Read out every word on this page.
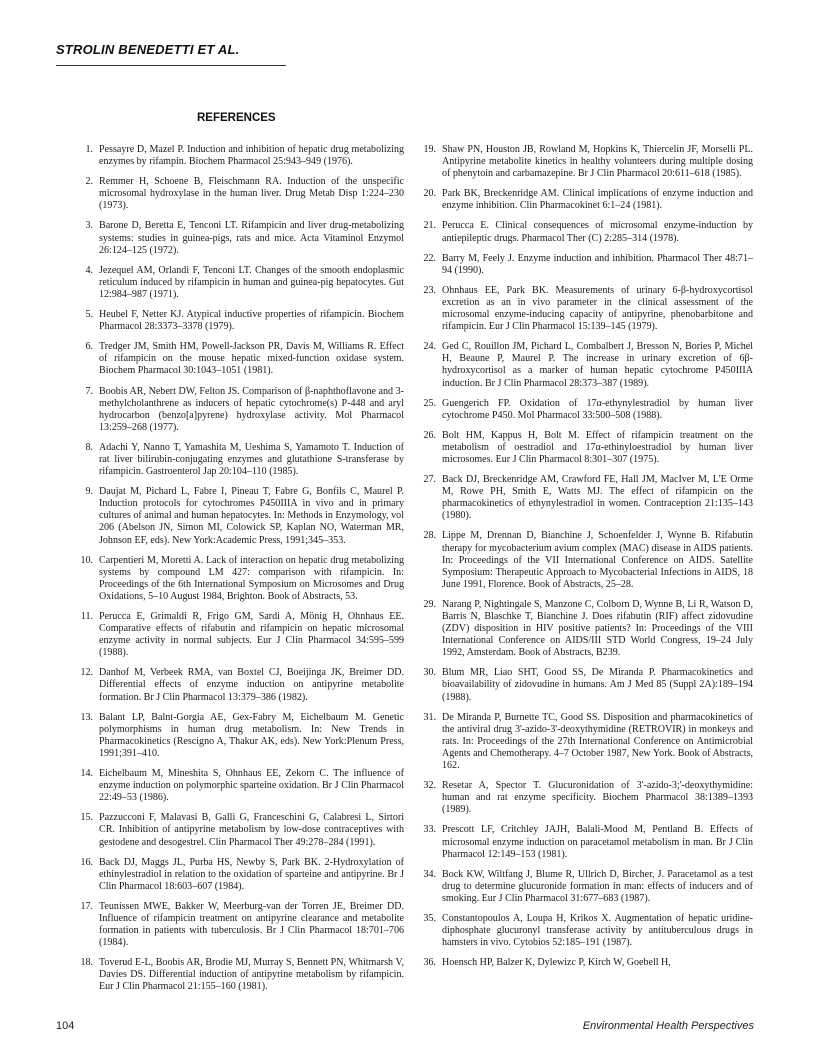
STROLIN BENEDETTI ET AL.
REFERENCES
1. Pessayre D, Mazel P. Induction and inhibition of hepatic drug metabolizing enzymes by rifampin. Biochem Pharmacol 25:943–949 (1976).
2. Remmer H, Schoene B, Fleischmann RA. Induction of the unspecific microsomal hydroxylase in the human liver. Drug Metab Disp 1:224–230 (1973).
3. Barone D, Beretta E, Tenconi LT. Rifampicin and liver drug-metabolizing systems: studies in guinea-pigs, rats and mice. Acta Vitaminol Enzymol 26:124–125 (1972).
4. Jezequel AM, Orlandi F, Tenconi LT. Changes of the smooth endoplasmic reticulum induced by rifampicin in human and guinea-pig hepatocytes. Gut 12:984–987 (1971).
5. Heubel F, Netter KJ. Atypical inductive properties of rifampicin. Biochem Pharmacol 28:3373–3378 (1979).
6. Tredger JM, Smith HM, Powell-Jackson PR, Davis M, Williams R. Effect of rifampicin on the mouse hepatic mixed-function oxidase system. Biochem Pharmacol 30:1043–1051 (1981).
7. Boobis AR, Nebert DW, Felton JS. Comparison of β-naphthoflavone and 3-methylcholanthrene as inducers of hepatic cytochrome(s) P-448 and aryl hydrocarbon (benzo[a]pyrene) hydroxylase activity. Mol Pharmacol 13:259–268 (1977).
8. Adachi Y, Nanno T, Yamashita M, Ueshima S, Yamamoto T. Induction of rat liver bilirubin-conjugating enzymes and glutathione S-transferase by rifampicin. Gastroenterol Jap 20:104–110 (1985).
9. Daujat M, Pichard L, Fabre I, Pineau T, Fabre G, Bonfils C, Maurel P. Induction protocols for cytochromes P450IIIA in vivo and in primary cultures of animal and human hepatocytes. In: Methods in Enzymology, vol 206 (Abelson JN, Simon MI, Colowick SP, Kaplan NO, Waterman MR, Johnson EF, eds). New York:Academic Press, 1991;345–353.
10. Carpentieri M, Moretti A. Lack of interaction on hepatic drug metabolizing systems by compound LM 427: comparison with rifampicin. In: Proceedings of the 6th International Symposium on Microsomes and Drug Oxidations, 5–10 August 1984, Brighton. Book of Abstracts, 53.
11. Perucca E, Grimaldi R, Frigo GM, Sardi A, Mönig H, Ohnhaus EE. Comparative effects of rifabutin and rifampicin on hepatic microsomal enzyme activity in normal subjects. Eur J Clin Pharmacol 34:595–599 (1988).
12. Danhof M, Verbeek RMA, van Boxtel CJ, Boeijinga JK, Breimer DD. Differential effects of enzyme induction on antipyrine metabolite formation. Br J Clin Pharmacol 13:379–386 (1982).
13. Balant LP, Balnt-Gorgia AE, Gex-Fabry M, Eichelbaum M. Genetic polymorphisms in human drug metabolism. In: New Trends in Pharmacokinetics (Rescigno A, Thakur AK, eds). New York:Plenum Press, 1991;391–410.
14. Eichelbaum M, Mineshita S, Ohnhaus EE, Zekorn C. The influence of enzyme induction on polymorphic sparteine oxidation. Br J Clin Pharmacol 22:49–53 (1986).
15. Pazzucconi F, Malavasi B, Galli G, Franceschini G, Calabresi L, Sirtori CR. Inhibition of antipyrine metabolism by low-dose contraceptives with gestodene and desogestrel. Clin Pharmacol Ther 49:278–284 (1991).
16. Back DJ, Maggs JL, Purba HS, Newby S, Park BK. 2-Hydroxylation of ethinylestradiol in relation to the oxidation of sparteine and antipyrine. Br J Clin Pharmacol 18:603–607 (1984).
17. Teunissen MWE, Bakker W, Meerburg-van der Torren JE, Breimer DD. Influence of rifampicin treatment on antipyrine clearance and metabolite formation in patients with tuberculosis. Br J Clin Pharmacol 18:701–706 (1984).
18. Toverud E-L, Boobis AR, Brodie MJ, Murray S, Bennett PN, Whitmarsh V, Davies DS. Differential induction of antipyrine metabolism by rifampicin. Eur J Clin Pharmacol 21:155–160 (1981).
19. Shaw PN, Houston JB, Rowland M, Hopkins K, Thiercelin JF, Morselli PL. Antipyrine metabolite kinetics in healthy volunteers during multiple dosing of phenytoin and carbamazepine. Br J Clin Pharmacol 20:611–618 (1985).
20. Park BK, Breckenridge AM. Clinical implications of enzyme induction and enzyme inhibition. Clin Pharmacokinet 6:1–24 (1981).
21. Perucca E. Clinical consequences of microsomal enzyme-induction by antiepileptic drugs. Pharmacol Ther (C) 2:285–314 (1978).
22. Barry M, Feely J. Enzyme induction and inhibition. Pharmacol Ther 48:71–94 (1990).
23. Ohnhaus EE, Park BK. Measurements of urinary 6-β-hydroxycortisol excretion as an in vivo parameter in the clinical assessment of the microsomal enzyme-inducing capacity of antipyrine, phenobarbitone and rifampicin. Eur J Clin Pharmacol 15:139–145 (1979).
24. Ged C, Rouillon JM, Pichard L, Combalbert J, Bresson N, Bories P, Michel H, Beaune P, Maurel P. The increase in urinary excretion of 6β-hydroxycortisol as a marker of human hepatic cytochrome P450IIIA induction. Br J Clin Pharmacol 28:373–387 (1989).
25. Guengerich FP. Oxidation of 17α-ethynylestradiol by human liver cytochrome P450. Mol Pharmacol 33:500–508 (1988).
26. Bolt HM, Kappus H, Bolt M. Effect of rifampicin treatment on the metabolism of oestradiol and 17α-ethinyloestradiol by human liver microsomes. Eur J Clin Pharmacol 8:301–307 (1975).
27. Back DJ, Breckenridge AM, Crawford FE, Hall JM, MacIver M, L'E Orme M, Rowe PH, Smith E, Watts MJ. The effect of rifampicin on the pharmacokinetics of ethynylestradiol in women. Contraception 21:135–143 (1980).
28. Lippe M, Drennan D, Bianchine J, Schoenfelder J, Wynne B. Rifabutin therapy for mycobacterium avium complex (MAC) disease in AIDS patients. In: Proceedings of the VII International Conference on AIDS. Satellite Symposium: Therapeutic Approach to Mycobacterial Infections in AIDS, 18 June 1991, Florence. Book of Abstracts, 25–28.
29. Narang P, Nightingale S, Manzone C, Colborn D, Wynne B, Li R, Watson D, Barris N, Blaschke T, Bianchine J. Does rifabutin (RIF) affect zidovudine (ZDV) disposition in HIV positive patients? In: Proceedings of the VIII International Conference on AIDS/III STD World Congress, 19–24 July 1992, Amsterdam. Book of Abstracts, B239.
30. Blum MR, Liao SHT, Good SS, De Miranda P. Pharmacokinetics and bioavailability of zidovudine in humans. Am J Med 85 (Suppl 2A):189–194 (1988).
31. De Miranda P, Burnette TC, Good SS. Disposition and pharmacokinetics of the antiviral drug 3'-azido-3'-deoxythymidine (RETROVIR) in monkeys and rats. In: Proceedings of the 27th International Conference on Antimicrobial Agents and Chemotherapy. 4–7 October 1987, New York. Book of Abstracts, 162.
32. Resetar A, Spector T. Glucuronidation of 3'-azido-3;'-deoxythymidine: human and rat enzyme specificity. Biochem Pharmacol 38:1389–1393 (1989).
33. Prescott LF, Critchley JAJH, Balali-Mood M, Pentland B. Effects of microsomal enzyme induction on paracetamol metabolism in man. Br J Clin Pharmacol 12:149–153 (1981).
34. Bock KW, Wiltfang J, Blume R, Ullrich D, Bircher, J. Paracetamol as a test drug to determine glucuronide formation in man: effects of inducers and of smoking. Eur J Clin Pharmacol 31:677–683 (1987).
35. Constantopoulos A, Loupa H, Krikos X. Augmentation of hepatic uridine-diphosphate glucuronyl transferase activity by antituberculous drugs in hamsters in vivo. Cytobios 52:185–191 (1987).
36. Hoensch HP, Balzer K, Dylewizc P, Kirch W, Goebell H,
104	Environmental Health Perspectives
